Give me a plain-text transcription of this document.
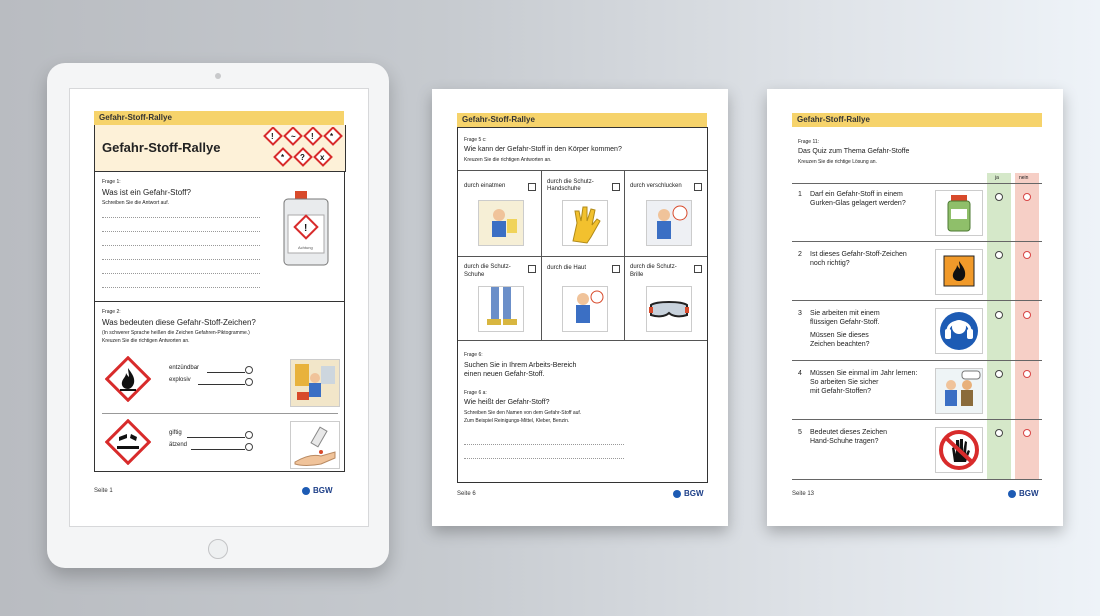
Gefahr-Stoff-Rallye
Gefahr-Stoff-Rallye
! ~ ! *
* ? x
Frage 1:
Was ist ein Gefahr-Stoff?
Schreiben Sie die Antwort auf.
!
Achtung
Frage 2:
Was bedeuten diese Gefahr-Stoff-Zeichen?
(In schwerer Sprache heißen die Zeichen Gefahren-Piktogramme.)
Kreuzen Sie die richtigen Antworten an.
entzündbar
explosiv
giftig
ätzend
Seite 1	BGW
Gefahr-Stoff-Rallye
Frage 5 c:
Wie kann der Gefahr-Stoff in den Körper kommen?
Kreuzen Sie die richtigen Antworten an.
durch einatmen
durch die Schutz-Handschuhe	durch verschlucken
durch die Schutz-Schuhe
durch die Haut	durch die Schutz-Brille
Frage 6:
Suchen Sie in Ihrem Arbeits-Bereich
einen neuen Gefahr-Stoff.
Frage 6 a:
Wie heißt der Gefahr-Stoff?
Schreiben Sie den Namen von dem Gefahr-Stoff auf.
Zum Beispiel Reinigungs-Mittel, Kleber, Benzin.
Seite 6	BGW
Gefahr-Stoff-Rallye
Frage 11:
Das Quiz zum Thema Gefahr-Stoffe
Kreuzen Sie die richtige Lösung an.
ja	nein
1 Darf ein Gefahr-Stoff in einem
Gurken-Glas gelagert werden?
2 Ist dieses Gefahr-Stoff-Zeichen
noch richtig?
3 Sie arbeiten mit einem
flüssigen Gefahr-Stoff.
Müssen Sie dieses
Zeichen beachten?
4 Müssen Sie einmal im Jahr lernen:
So arbeiten Sie sicher
mit Gefahr-Stoffen?
5 Bedeutet dieses Zeichen
Hand-Schuhe tragen?
Seite 13	BGW
